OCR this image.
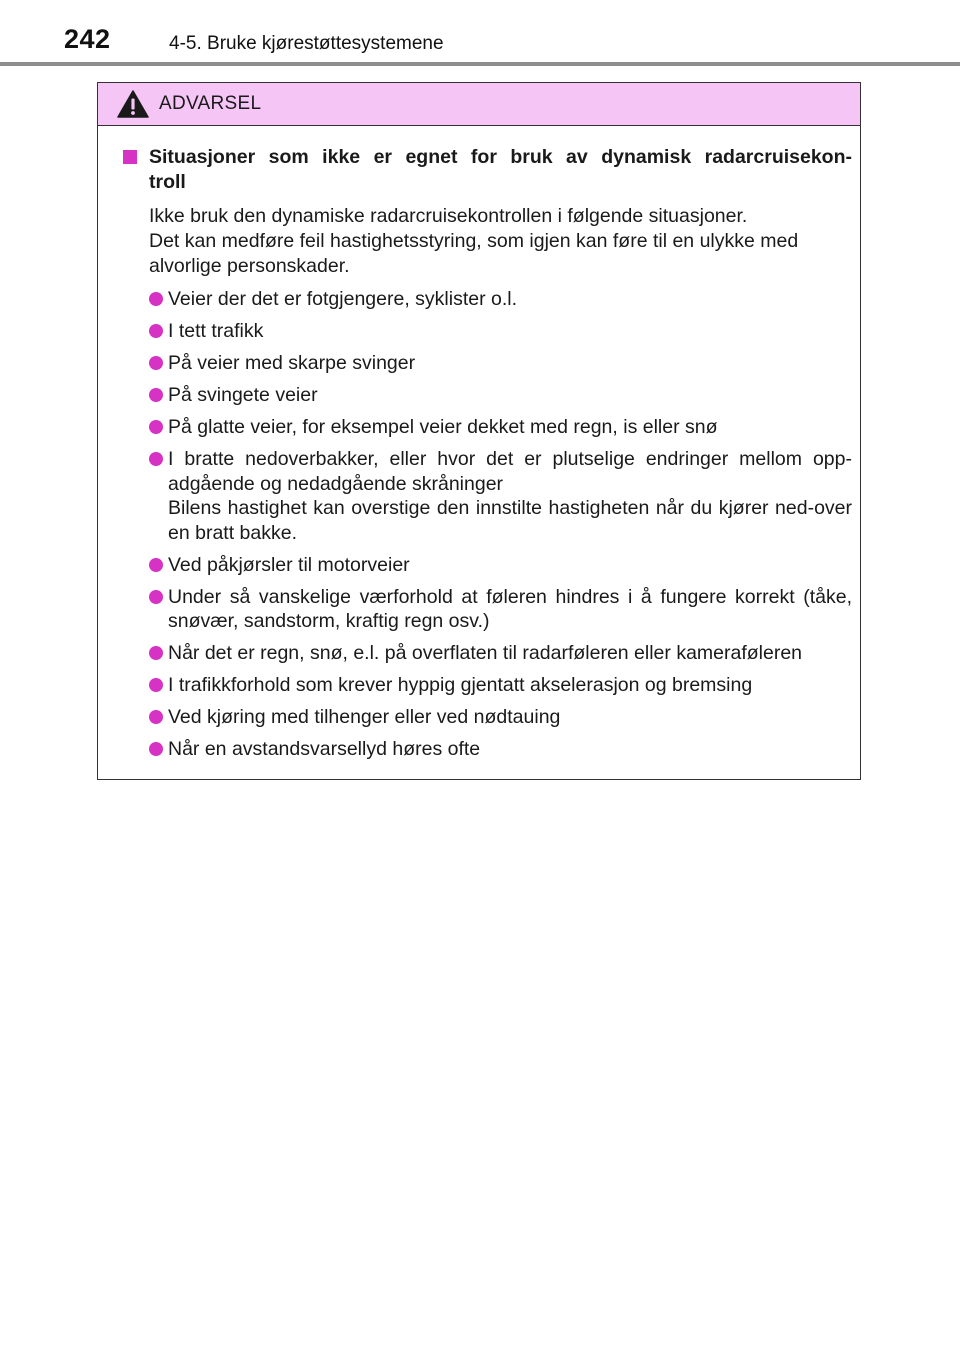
242	4-5. Bruke kjørestøttesystemene
ADVARSEL
Situasjoner som ikke er egnet for bruk av dynamisk radarcruisekon-troll
Ikke bruk den dynamiske radarcruisekontrollen i følgende situasjoner.
Det kan medføre feil hastighetsstyring, som igjen kan føre til en ulykke med alvorlige personskader.
Veier der det er fotgjengere, syklister o.l.
I tett trafikk
På veier med skarpe svinger
På svingete veier
På glatte veier, for eksempel veier dekket med regn, is eller snø
I bratte nedoverbakker, eller hvor det er plutselige endringer mellom opp-adgående og nedadgående skråninger
Bilens hastighet kan overstige den innstilte hastigheten når du kjører ned-over en bratt bakke.
Ved påkjørsler til motorveier
Under så vanskelige værforhold at føleren hindres i å fungere korrekt (tåke, snøvær, sandstorm, kraftig regn osv.)
Når det er regn, snø, e.l. på overflaten til radarføleren eller kameraføleren
I trafikkforhold som krever hyppig gjentatt akselerasjon og bremsing
Ved kjøring med tilhenger eller ved nødtauing
Når en avstandsvarsellyd høres ofte
